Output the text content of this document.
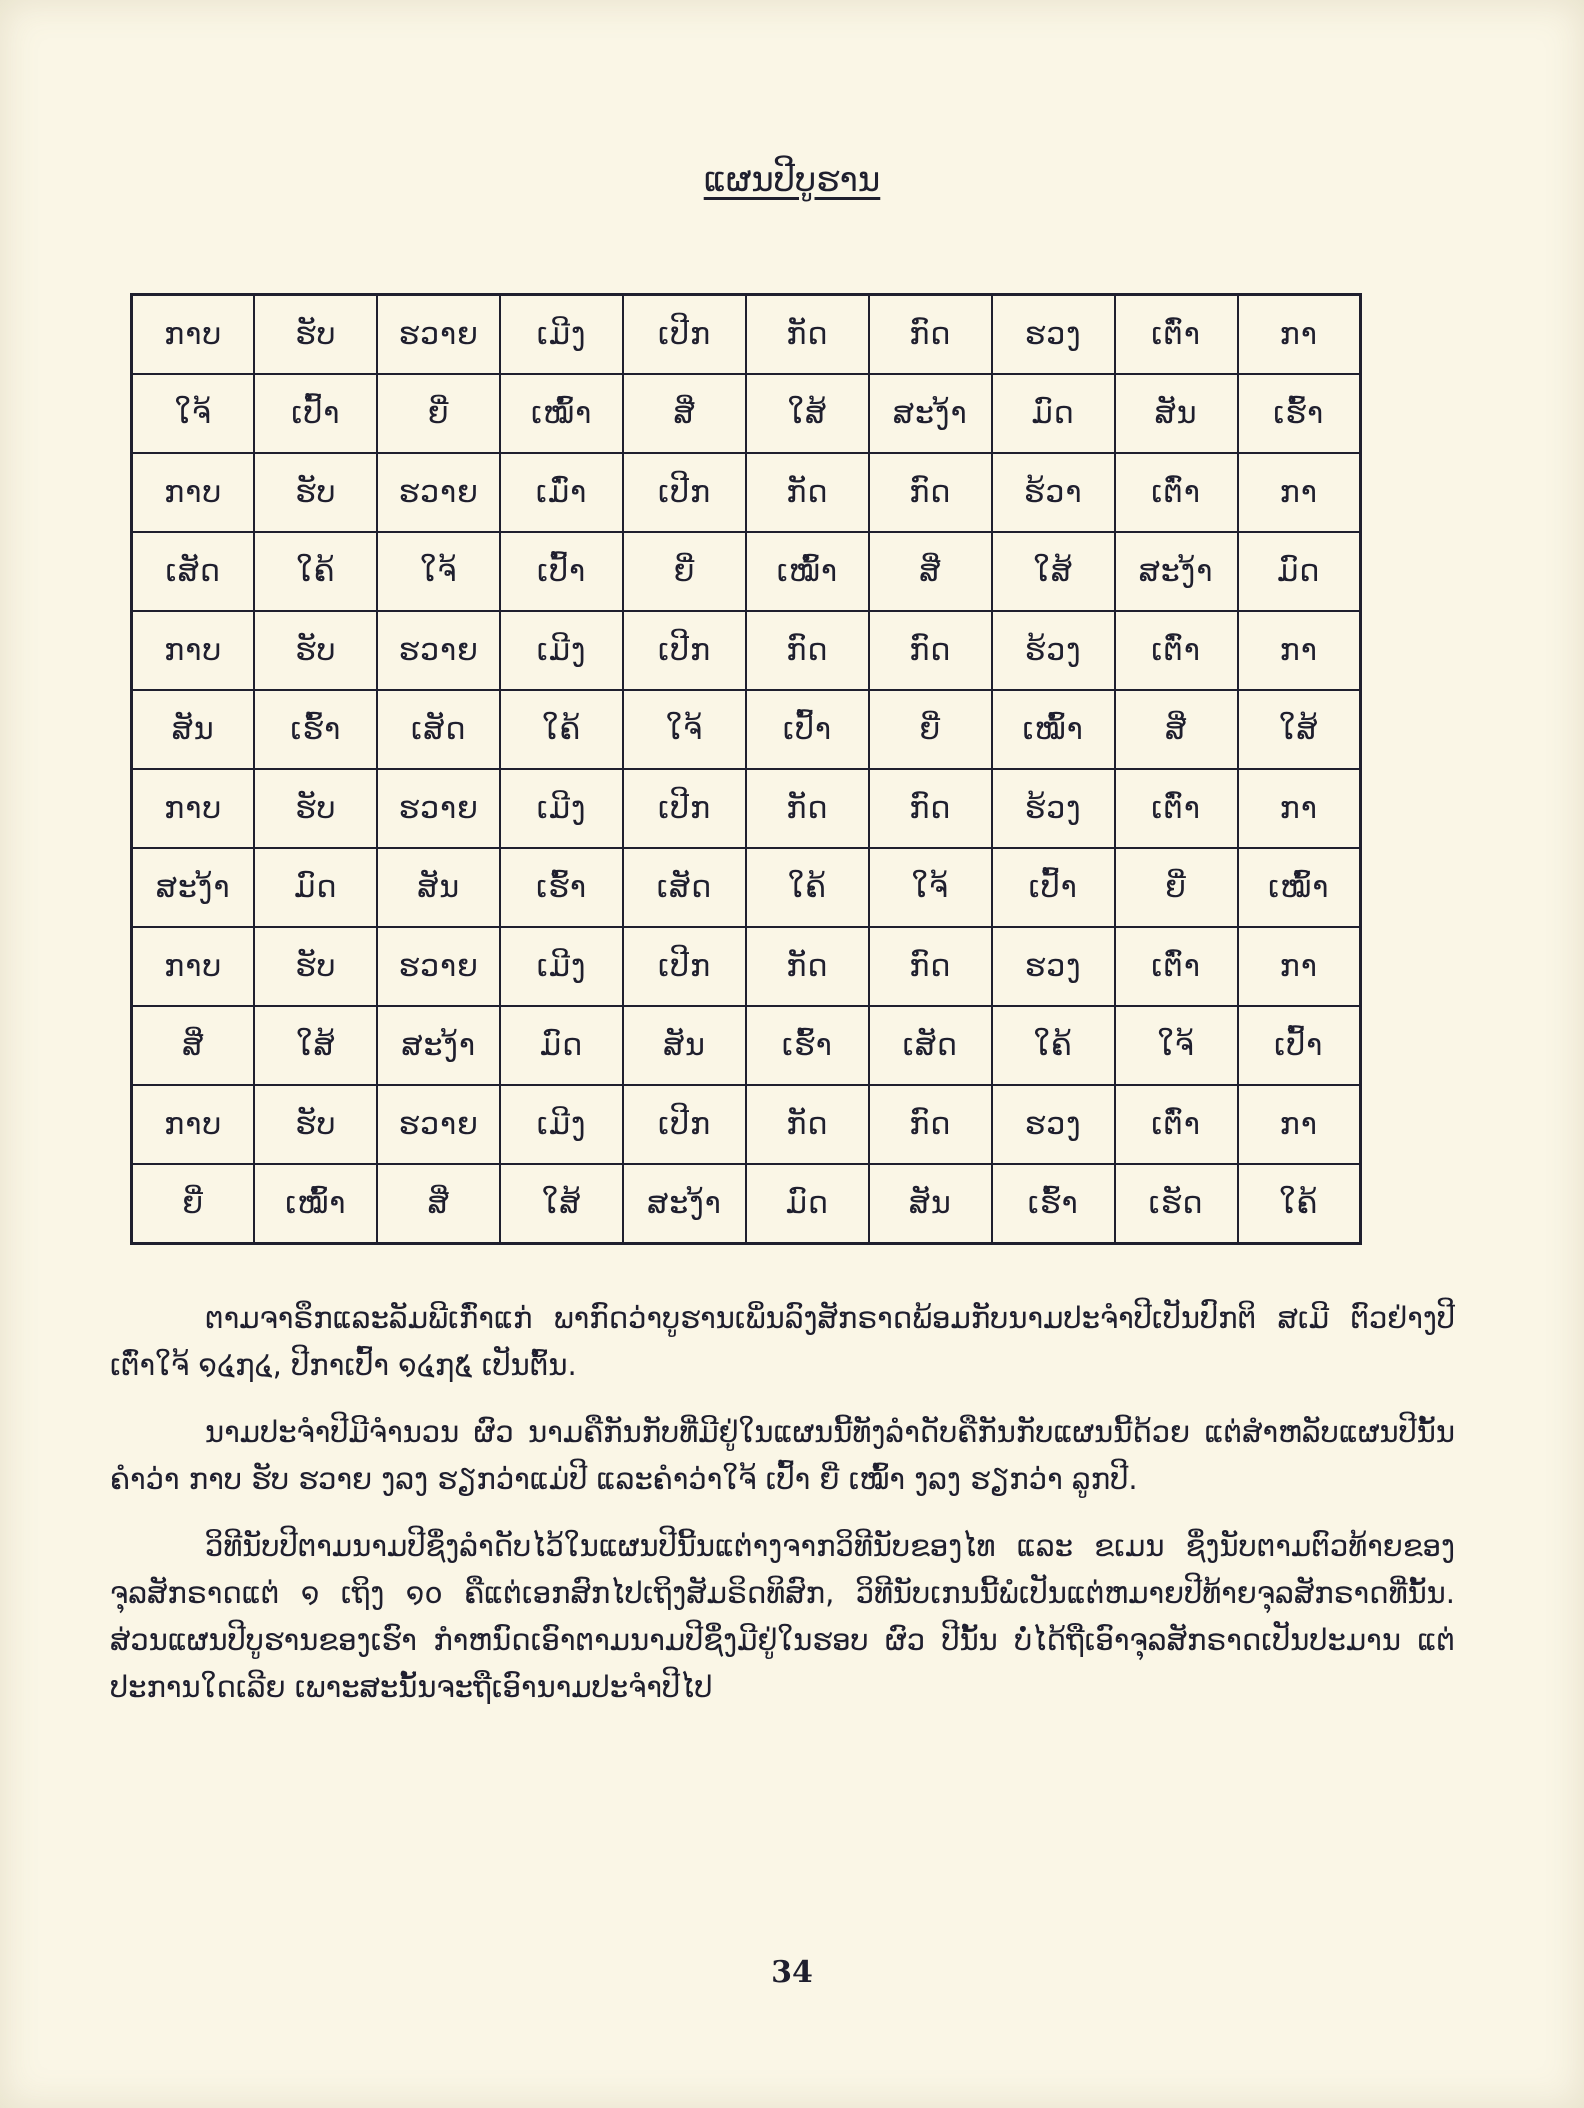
ແຜນປີບູຮານ
ກາບ	ຮັບ	ຮວາຍ	ເມີງ	ເປີກ	ກັດ	ກົດ	ຮວງ	ເຕົ່າ	ກາ
ໃຈ້	ເປົ້າ	ຍີ່	ເໝົ້າ	ສີ່	ໃສ້	ສະງ້າ	ມົດ	ສັນ	ເຮົ້າ
ກາບ	ຮັບ	ຮວາຍ	ເມົ່າ	ເປີກ	ກັດ	ກົດ	ຮ້ວາ	ເຕົ່າ	ກາ
ເສັດ	ໃຄ້	ໃຈ້	ເປົ້າ	ຍີ່	ເໝົ້າ	ສີ່	ໃສ້	ສະງ້າ	ມົດ
ກາບ	ຮັບ	ຮວາຍ	ເມີງ	ເປີກ	ກົດ	ກົດ	ຮ້ວງ	ເຕົ່າ	ກາ
ສັນ	ເຮົ້າ	ເສັດ	ໃຄ້	ໃຈ້	ເປົ້າ	ຍີ່	ເໝົ້າ	ສີ່	ໃສ້
ກາບ	ຮັບ	ຮວາຍ	ເມີງ	ເປີກ	ກັດ	ກົດ	ຮ້ວງ	ເຕົ່າ	ກາ
ສະງ້າ	ມົດ	ສັນ	ເຮົ້າ	ເສັດ	ໃຄ້	ໃຈ້	ເປົ້າ	ຍີ່	ເໝົ້າ
ກາບ	ຮັບ	ຮວາຍ	ເມີງ	ເປີກ	ກັດ	ກົດ	ຮວງ	ເຕົ່າ	ກາ
ສີ່	ໃສ້	ສະງ້າ	ມົດ	ສັນ	ເຮົ້າ	ເສັດ	ໃຄ້	ໃຈ້	ເປົ້າ
ກາບ	ຮັບ	ຮວາຍ	ເມີງ	ເປີກ	ກັດ	ກົດ	ຮວງ	ເຕົ່າ	ກາ
ຍີ່	ເໝົ້າ	ສີ່	ໃສ້	ສະງ້າ	ມົດ	ສັນ	ເຮົ້າ	ເຮັດ	ໃຄ້

ຕາມຈາຣຶກແລະລັມພີເກົ່າແກ່ ພາກົດວ່າບູຮານເພິ່ນລົງສັກຣາດພ້ອມກັບນາມປະຈຳປີເປັນປົກຕິ ສເມີ ຕົວຢ່າງປີເຕົ່າໃຈ້ ໑໔໗໔, ປີກາເປົ້າ ໑໔໗໕ ເປັນຕົ້ນ.

ນາມປະຈຳປີມີຈຳນວນ ຜົວ ນາມຄືກັນກັບທີ່ມີຢູ່ໃນແຜນນີ້ທັງລຳດັບຄືກັນກັບແຜນນີ້ດ້ວຍ ແຕ່ສຳຫລັບແຜນປີນັ້ນ ຄຳວ່າ ກາບ ຮັບ ຮວາຍ ງລງ ຮຽກວ່າແມ່ປີ ແລະຄຳວ່າໃຈ້ ເປົ້າ ຍີ່ ເໝົ້າ ງລງ ຮຽກວ່າ ລູກປີ.

ວິທີນັບປີຕາມນາມປີຊຶ່ງລຳດັບໄວ້ໃນແຜນປີນີ້ນແຕ່າງຈາກວິທີນັບຂອງໄທ ແລະ ຂເມນ ຊຶ່ງນັບຕາມຕົວທ້າຍຂອງຈຸລສັກຣາດແຕ່ ໑ ເຖິງ ໑໐ ຄືແຕ່ເອກສົກໄປເຖິງສັມຣິດທິສົກ, ວິທີນັບເກນນີ້ພໍເປັນແຕ່ຫມາຍປີທ້າຍຈຸລສັກຣາດທີ່ນັ້ນ. ສ່ວນແຜນປີບູຮານຂອງເຮົາ ກຳຫນົດເອົາຕາມນາມປີຊຶ່ງມີຢູ່ໃນຮອບ ຜົວ ປີນັ້ນ ບໍ່ໄດ້ຖືເອົາຈຸລສັກຣາດເປັນປະມານ ແຕ່ປະການໃດເລີຍ ເພາະສະນັ້ນຈະຖືເອົານາມປະຈຳປີໄປ

34
